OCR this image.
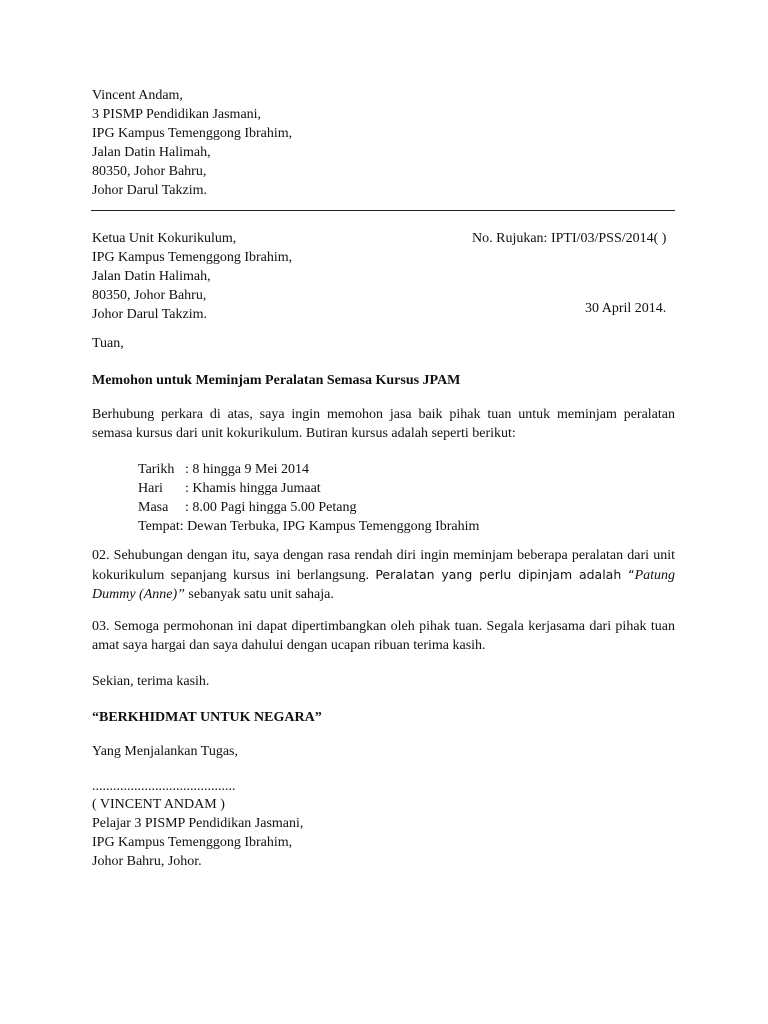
Vincent Andam,
3 PISMP Pendidikan Jasmani,
IPG Kampus Temenggong Ibrahim,
Jalan Datin Halimah,
80350, Johor Bahru,
Johor Darul Takzim.
Ketua Unit Kokurikulum,
IPG Kampus Temenggong Ibrahim,
Jalan Datin Halimah,
80350, Johor Bahru,
Johor Darul Takzim.
No. Rujukan: IPTI/03/PSS/2014( )
30 April 2014.
Tuan,
Memohon untuk Meminjam Peralatan Semasa Kursus JPAM
Berhubung perkara di atas, saya ingin memohon jasa baik pihak tuan untuk meminjam peralatan
semasa kursus dari unit kokurikulum. Butiran kursus adalah seperti berikut:
Tarikh : 8 hingga 9 Mei 2014
Hari	: Khamis hingga Jumaat
Masa	: 8.00 Pagi hingga 5.00 Petang
Tempat: Dewan Terbuka, IPG Kampus Temenggong Ibrahim
02. Sehubungan dengan itu, saya dengan rasa rendah diri ingin meminjam beberapa peralatan dari unit
kokurikulum sepanjang kursus ini berlangsung. Peralatan yang perlu dipinjam adalah “Patung
Dummy (Anne)” sebanyak satu unit sahaja.
03. Semoga permohonan ini dapat dipertimbangkan oleh pihak tuan. Segala kerjasama dari pihak tuan
amat saya hargai dan saya dahului dengan ucapan ribuan terima kasih.
Sekian, terima kasih.
“BERKHIDMAT UNTUK NEGARA”
Yang Menjalankan Tugas,
.........................................
( VINCENT ANDAM )
Pelajar 3 PISMP Pendidikan Jasmani,
IPG Kampus Temenggong Ibrahim,
Johor Bahru, Johor.
